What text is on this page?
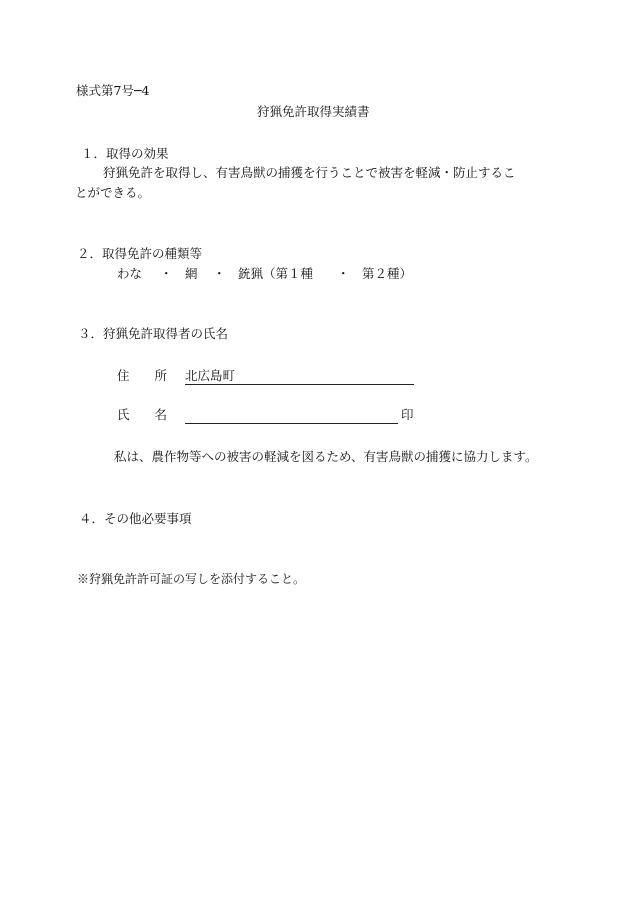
様式第7号─4
狩猟免許取得実績書
１．取得の効果
狩猟免許を取得し、有害鳥獣の捕獲を行うことで被害を軽減・防止するこ
とができる。
２．取得免許の種類等
わな ・ 網 ・ 銃猟（第１種 ・ 第２種）
３．狩猟免許取得者の氏名
住　　所 北広島町
氏　　名	印
私は、農作物等への被害の軽減を図るため、有害鳥獣の捕獲に協力します。
４．その他必要事項
※狩猟免許許可証の写しを添付すること。
